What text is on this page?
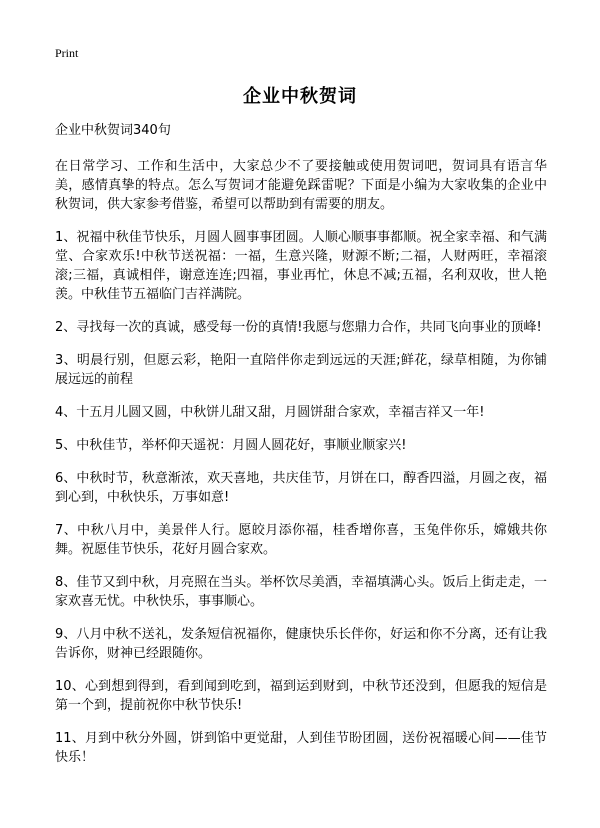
Print
企业中秋贺词

企业中秋贺词340句

在日常学习、工作和生活中，大家总少不了要接触或使用贺词吧，贺词具有语言华美，感情真挚的特点。怎么写贺词才能避免踩雷呢？下面是小编为大家收集的企业中秋贺词，供大家参考借鉴，希望可以帮助到有需要的朋友。

1、祝福中秋佳节快乐，月圆人圆事事团圆。人顺心顺事事都顺。祝全家幸福、和气满堂、合家欢乐!中秋节送祝福：一福，生意兴隆，财源不断;二福，人财两旺，幸福滚滚;三福，真诚相伴，谢意连连;四福，事业再忙，休息不减;五福，名利双收，世人艳羡。中秋佳节五福临门吉祥满院。

2、寻找每一次的真诚，感受每一份的真情!我愿与您鼎力合作，共同飞向事业的顶峰!

3、明晨行别，但愿云彩，艳阳一直陪伴你走到远远的天涯;鲜花，绿草相随，为你铺展远远的前程

4、十五月儿圆又圆，中秋饼儿甜又甜，月圆饼甜合家欢，幸福吉祥又一年!

5、中秋佳节，举杯仰天遥祝：月圆人圆花好，事顺业顺家兴!

6、中秋时节，秋意渐浓，欢天喜地，共庆佳节，月饼在口，醇香四溢，月圆之夜，福到心到，中秋快乐，万事如意!

7、中秋八月中，美景伴人行。愿皎月添你福，桂香增你喜，玉兔伴你乐，嫦娥共你舞。祝愿佳节快乐，花好月圆合家欢。

8、佳节又到中秋，月亮照在当头。举杯饮尽美酒，幸福填满心头。饭后上街走走，一家欢喜无忧。中秋快乐，事事顺心。

9、八月中秋不送礼，发条短信祝福你，健康快乐长伴你，好运和你不分离，还有让我告诉你，财神已经跟随你。

10、心到想到得到，看到闻到吃到，福到运到财到，中秋节还没到，但愿我的短信是第一个到，提前祝你中秋节快乐!

11、月到中秋分外圆，饼到馅中更觉甜，人到佳节盼团圆，送份祝福暖心间——佳节快乐！
